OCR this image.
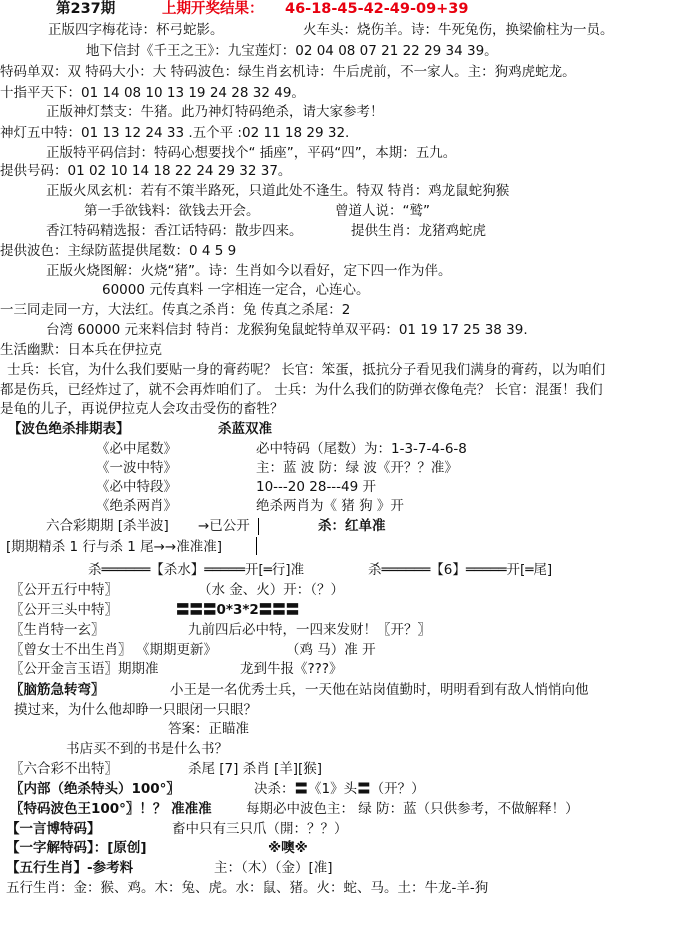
第237期	上期开奖结果： 46-18-45-42-49-09+39
正版四字梅花诗：杯弓蛇影。	火车头：烧伤羊。诗：牛死兔伤，换梁偷柱为一员。
地下信封《千王之王》：九宝莲灯：02 04 08 07 21 22 29 34 39。
特码单双：双 特码大小：大 特码波色：绿生肖玄机诗：牛后虎前，不一家人。主：狗鸡虎蛇龙。
十指平天下：01 14 08 10 13 19 24 28 32 49。
正版神灯禁支：牛猪。此乃神灯特码绝杀，请大家参考！
神灯五中特：01 13 12 24 33 .五个平 :02 11 18 29 32.
正版特平码信封：特码心想要找个“ 插座”，平码“四”，本期：五九。
提供号码：01 02 10 14 18 22 24 29 32 37。
正版火凤玄机：若有不策半路死，只道此处不逢生。特双 特肖：鸡龙鼠蛇狗猴
第一手欲钱料：欲钱去开会。	曾道人说：“鹫”
香江特码精选报：香江话特码：散步四来。	提供生肖：龙猪鸡蛇虎
提供波色：主绿防蓝提供尾数：0 4 5 9
正版火烧图解：火烧“猪”。诗：生肖如今以看好，定下四一作为伴。
60000 元传真料 一字相连一定合，心连心。
一三同走同一方，大法红。传真之杀肖：兔 传真之杀尾：2
台湾 60000 元来料信封 特肖：龙猴狗兔鼠蛇特单双平码：01 19 17 25 38 39.
生活幽默：日本兵在伊拉克
士兵：长官，为什么我们要贴一身的膏药呢？ 长官：笨蛋，抵抗分子看见我们满身的膏药，以为咱们
都是伤兵，已经炸过了，就不会再炸咱们了。 士兵：为什么我们的防弹衣像龟壳？ 长官：混蛋！我们
是龟的儿子，再说伊拉克人会攻击受伤的畜牲？
【波色绝杀排期表】	杀蓝双准
《必中尾数》	必中特码（尾数）为：1-3-7-4-6-8
《一波中特》	主：蓝 波 防：绿 波《开？？准》
《必中特段》	10---20 28---49 开
《绝杀两肖》	绝杀两肖为《 猪 狗 》开
六合彩期期 [杀半波] →已公开	杀：红单准
[期期精杀 1 行与杀 1 尾→→准准准]
杀══════【杀水】═════开[═行]准	杀══════【6】═════开[═尾]
〖公开五行中特〗	（水 金、火）开：（？）
〖公开三头中特〗	〓〓〓0*3*2〓〓〓
〖生肖特一玄〗	九前四后必中特，一四来发财！〖开？〗
〖曾女士不出生肖〗 《期期更新》	（鸡 马）准 开
〖公开金言玉语〗期期准	龙到牛报《???》
〖脑筋急转弯〗	小王是一名优秀士兵，一天他在站岗值勤时，明明看到有敌人悄悄向他
摸过来，为什么他却睁一只眼闭一只眼？
答案：正瞄准
书店买不到的书是什么书？
〖六合彩不出特〗	杀尾 [7] 杀肖 [羊][猴]
〖内部（绝杀特头）100°〗	决杀：〓《1》头〓（开？）
〖特码波色王100°〗！？ 准准准	每期必中波色主： 绿 防：蓝（只供参考，不做解释！）
【一言博特码】	畜中只有三只爪（開：？？）
【一字解特码】：[原创]	※噢※
【五行生肖】-参考料	主：（木）（金）[准]
五行生肖：金：猴、鸡。木：兔、虎。水：鼠、猪。火：蛇、马。土：牛龙-羊-狗
